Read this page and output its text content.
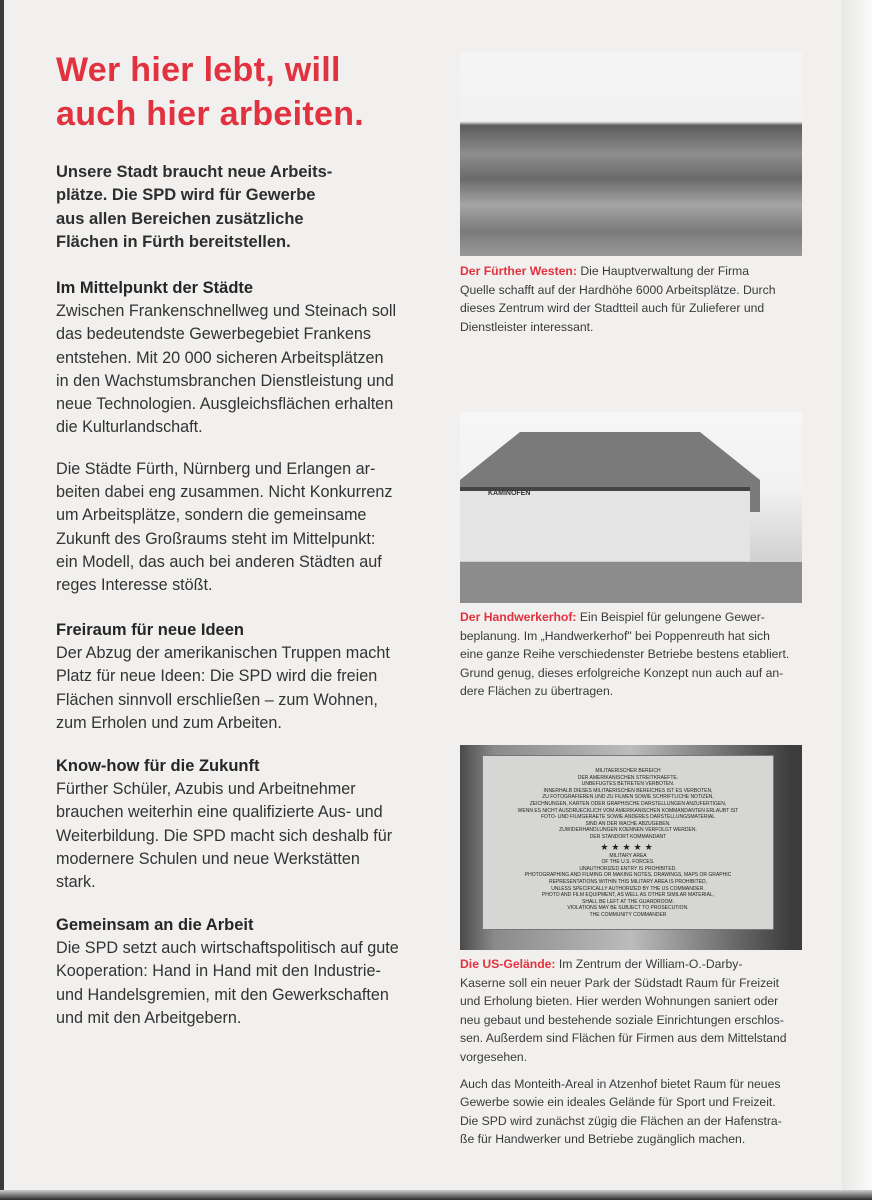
Wer hier lebt, will
auch hier arbeiten.
Unsere Stadt braucht neue Arbeits-
plätze. Die SPD wird für Gewerbe
aus allen Bereichen zusätzliche
Flächen in Fürth bereitstellen.
Im Mittelpunkt der Städte
Zwischen Frankenschnellweg und Steinach soll
das bedeutendste Gewerbegebiet Frankens
entstehen. Mit 20 000 sicheren Arbeitsplätzen
in den Wachstumsbranchen Dienstleistung und
neue Technologien. Ausgleichsflächen erhalten
die Kulturlandschaft.
Die Städte Fürth, Nürnberg und Erlangen ar-
beiten dabei eng zusammen. Nicht Konkurrenz
um Arbeitsplätze, sondern die gemeinsame
Zukunft des Großraums steht im Mittelpunkt:
ein Modell, das auch bei anderen Städten auf
reges Interesse stößt.
Freiraum für neue Ideen
Der Abzug der amerikanischen Truppen macht
Platz für neue Ideen: Die SPD wird die freien
Flächen sinnvoll erschließen – zum Wohnen,
zum Erholen und zum Arbeiten.
Know-how für die Zukunft
Fürther Schüler, Azubis und Arbeitnehmer
brauchen weiterhin eine qualifizierte Aus- und
Weiterbildung. Die SPD macht sich deshalb für
modernere Schulen und neue Werkstätten
stark.
Gemeinsam an die Arbeit
Die SPD setzt auch wirtschaftspolitisch auf gute
Kooperation: Hand in Hand mit den Industrie-
und Handelsgremien, mit den Gewerkschaften
und mit den Arbeitgebern.
Der Fürther Westen: Die Hauptverwaltung der Firma
Quelle schafft auf der Hardhöhe 6000 Arbeitsplätze. Durch
dieses Zentrum wird der Stadtteil auch für Zulieferer und
Dienstleister interessant.
KAMINOFEN
Der Handwerkerhof: Ein Beispiel für gelungene Gewer-
beplanung. Im „Handwerkerhof" bei Poppenreuth hat sich
eine ganze Reihe verschiedenster Betriebe bestens etabliert.
Grund genug, dieses erfolgreiche Konzept nun auch auf an-
dere Flächen zu übertragen.
MILITAERISCHER BEREICH
DER AMERIKANISCHEN STREITKRAEFTE.
UNBEFUGTES BETRETEN VERBOTEN.
INNERHALB DIESES MILITAERISCHEN BEREICHES IST ES VERBOTEN,
ZU FOTOGRAFIEREN UND ZU FILMEN SOWIE SCHRIFTLICHE NOTIZEN,
ZEICHNUNGEN, KARTEN ODER GRAPHISCHE DARSTELLUNGEN ANZUFERTIGEN,
WENN ES NICHT AUSDRUECKLICH VOM AMERIKANISCHEN KOMMANDANTEN ERLAUBT IST
FOTO- UND FILMGERAETE SOWIE ANDERES DARSTELLUNGSMATERIAL
SIND AN DER WACHE ABZUGEBEN.
ZUWIDERHANDLUNGEN KOENNEN VERFOLGT WERDEN.
DER STANDORT KOMMANDANT
★★★★★
MILITARY AREA
OF THE U.S. FORCES.
UNAUTHORIZED ENTRY IS PROHIBITED.
PHOTOGRAPHING AND FILMING OR MAKING NOTES, DRAWINGS, MAPS OR GRAPHIC
REPRESENTATIONS WITHIN THIS MILITARY AREA IS PROHIBITED,
UNLESS SPECIFICALLY AUTHORIZED BY THE US COMMANDER.
PHOTO AND FILM EQUIPMENT, AS WELL AS OTHER SIMILAR MATERIAL,
SHALL BE LEFT AT THE GUARDROOM.
VIOLATIONS MAY BE SUBJECT TO PROSECUTION.
THE COMMUNITY COMMANDER
Die US-Gelände: Im Zentrum der William-O.-Darby-
Kaserne soll ein neuer Park der Südstadt Raum für Freizeit
und Erholung bieten. Hier werden Wohnungen saniert oder
neu gebaut und bestehende soziale Einrichtungen erschlos-
sen. Außerdem sind Flächen für Firmen aus dem Mittelstand
vorgesehen.
Auch das Monteith-Areal in Atzenhof bietet Raum für neues
Gewerbe sowie ein ideales Gelände für Sport und Freizeit.
Die SPD wird zunächst zügig die Flächen an der Hafenstra-
ße für Handwerker und Betriebe zugänglich machen.
